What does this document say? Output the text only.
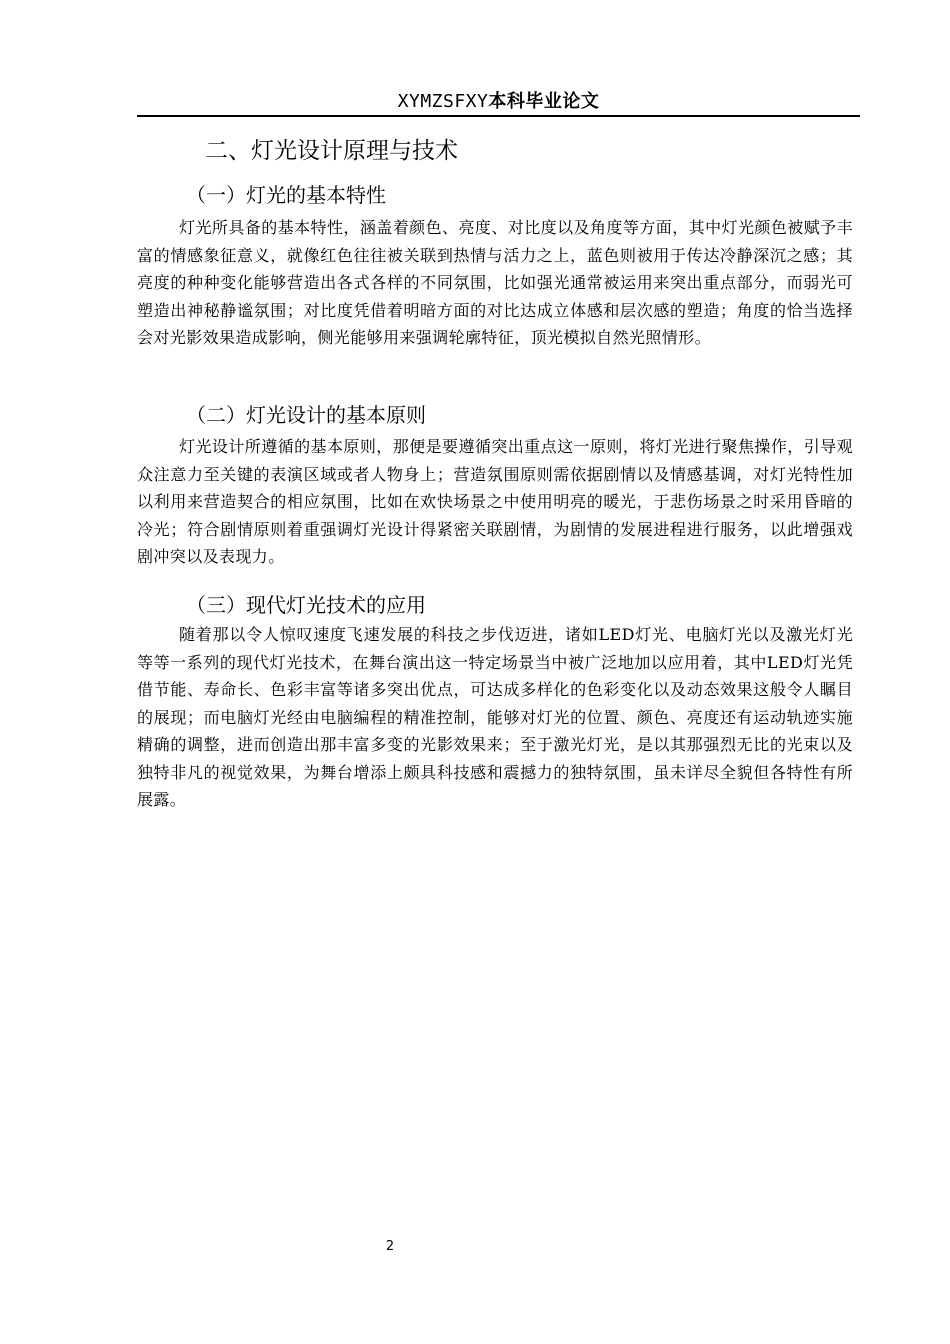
XYMZSFXY本科毕业论文
二、灯光设计原理与技术
（一）灯光的基本特性

灯光所具备的基本特性，涵盖着颜色、亮度、对比度以及角度等方面，其中灯光颜色被赋予丰富的情感象征意义，就像红色往往被关联到热情与活力之上，蓝色则被用于传达冷静深沉之感；其亮度的种种变化能够营造出各式各样的不同氛围，比如强光通常被运用来突出重点部分，而弱光可塑造出神秘静谧氛围；对比度凭借着明暗方面的对比达成立体感和层次感的塑造；角度的恰当选择会对光影效果造成影响，侧光能够用来强调轮廓特征，顶光模拟自然光照情形。

（二）灯光设计的基本原则

灯光设计所遵循的基本原则，那便是要遵循突出重点这一原则，将灯光进行聚焦操作，引导观众注意力至关键的表演区域或者人物身上；营造氛围原则需依据剧情以及情感基调，对灯光特性加以利用来营造契合的相应氛围，比如在欢快场景之中使用明亮的暖光，于悲伤场景之时采用昏暗的冷光；符合剧情原则着重强调灯光设计得紧密关联剧情，为剧情的发展进程进行服务，以此增强戏剧冲突以及表现力。

（三）现代灯光技术的应用

随着那以令人惊叹速度飞速发展的科技之步伐迈进，诸如LED灯光、电脑灯光以及激光灯光等等一系列的现代灯光技术，在舞台演出这一特定场景当中被广泛地加以应用着，其中LED灯光凭借节能、寿命长、色彩丰富等诸多突出优点，可达成多样化的色彩变化以及动态效果这般令人瞩目的展现；而电脑灯光经由电脑编程的精准控制，能够对灯光的位置、颜色、亮度还有运动轨迹实施精确的调整，进而创造出那丰富多变的光影效果来；至于激光灯光，是以其那强烈无比的光束以及独特非凡的视觉效果，为舞台增添上颇具科技感和震撼力的独特氛围，虽未详尽全貌但各特性有所展露。

2
